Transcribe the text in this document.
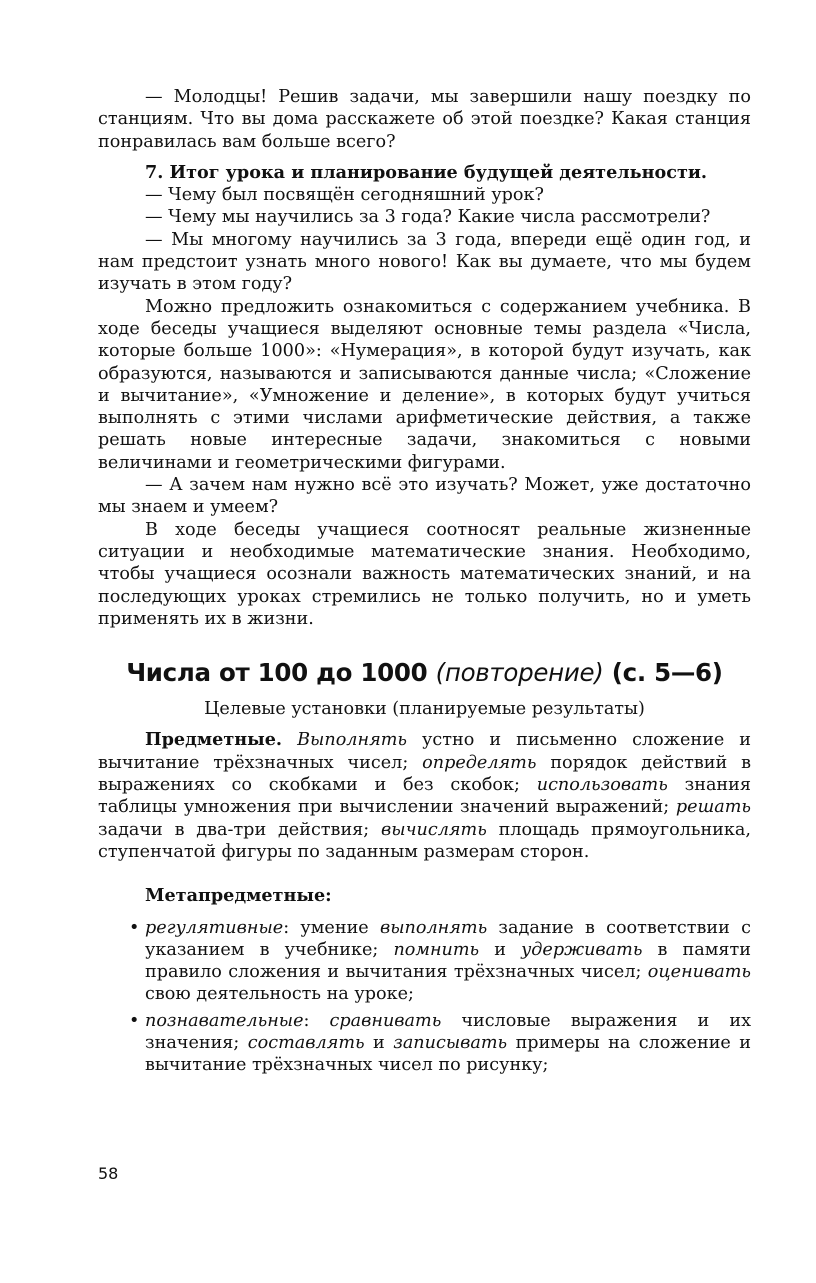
— Молодцы! Решив задачи, мы завершили нашу поездку по станциям. Что вы дома расскажете об этой поездке? Какая станция понравилась вам больше всего?

7. Итог урока и планирование будущей деятельности.

— Чему был посвящён сегодняшний урок?

— Чему мы научились за 3 года? Какие числа рассмотрели?

— Мы многому научились за 3 года, впереди ещё один год, и нам предстоит узнать много нового! Как вы думаете, что мы будем изучать в этом году?

Можно предложить ознакомиться с содержанием учебника. В ходе беседы учащиеся выделяют основные темы раздела «Числа, которые больше 1000»: «Нумерация», в которой будут изучать, как образуются, называются и записываются данные числа; «Сложение и вычитание», «Умножение и деление», в которых будут учиться выполнять с этими числами арифметические действия, а также решать новые интересные задачи, знакомиться с новыми величинами и геометрическими фигурами.

— А зачем нам нужно всё это изучать? Может, уже достаточно мы знаем и умеем?

В ходе беседы учащиеся соотносят реальные жизненные ситуации и необходимые математические знания. Необходимо, чтобы учащиеся осознали важность математических знаний, и на последующих уроках стремились не только получить, но и уметь применять их в жизни.

Числа от 100 до 1000 (повторение) (с. 5—6)

Целевые установки (планируемые результаты)

Предметные. Выполнять устно и письменно сложение и вычитание трёхзначных чисел; определять порядок действий в выражениях со скобками и без скобок; использовать знания таблицы умножения при вычислении значений выражений; решать задачи в два-три действия; вычислять площадь прямоугольника, ступенчатой фигуры по заданным размерам сторон.

Метапредметные:

• регулятивные: умение выполнять задание в соответствии с указанием в учебнике; помнить и удерживать в памяти правило сложения и вычитания трёхзначных чисел; оценивать свою деятельность на уроке;
• познавательные: сравнивать числовые выражения и их значения; составлять и записывать примеры на сложение и вычитание трёхзначных чисел по рисунку;
58
